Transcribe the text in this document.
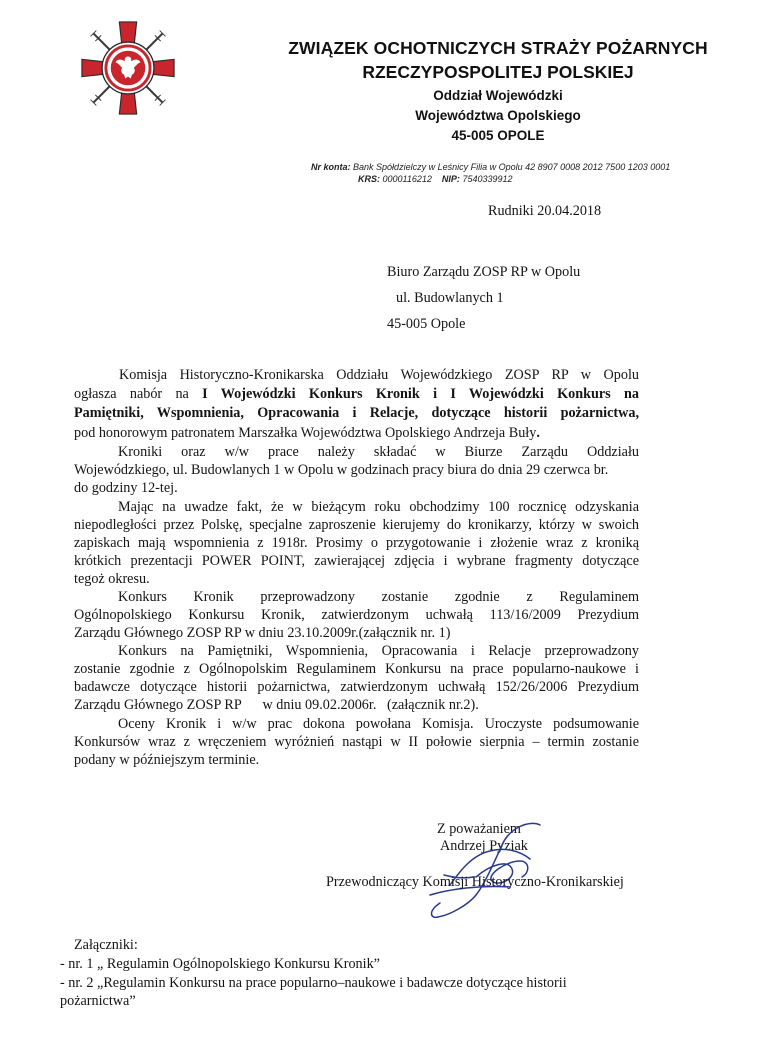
ZWIĄZEK OCHOTNICZYCH STRAŻY POŻARNYCH
RZECZYPOSPOLITEJ POLSKIEJ
Oddział Wojewódzki
Województwa Opolskiego
45-005 OPOLE
Nr konta: Bank Spółdzielczy w Leśnicy Filia w Opolu 42 8907 0008 2012 7500 1203 0001
KRS: 0000116212 NIP: 7540339912
Rudniki 20.04.2018
Biuro Zarządu ZOSP RP w Opolu
ul. Budowlanych 1
45-005 Opole
Komisja Historyczno-Kronikarska Oddziału Wojewódzkiego ZOSP RP w Opolu
ogłasza nabór na I Wojewódzki Konkurs Kronik i I Wojewódzki Konkurs na
Pamiętniki, Wspomnienia, Opracowania i Relacje, dotyczące historii pożarnictwa,
pod honorowym patronatem Marszałka Województwa Opolskiego Andrzeja Buły.
Kroniki oraz w/w prace należy składać w Biurze Zarządu Oddziału
Wojewódzkiego, ul. Budowlanych 1 w Opolu w godzinach pracy biura do dnia 29 czerwca br.
do godziny 12-tej.
Mając na uwadze fakt, że w bieżącym roku obchodzimy 100 rocznicę odzyskania
niepodległości przez Polskę, specjalne zaproszenie kierujemy do kronikarzy, którzy w swoich
zapiskach mają wspomnienia z 1918r. Prosimy o przygotowanie i złożenie wraz z kroniką
krótkich prezentacji POWER POINT, zawierającej zdjęcia i wybrane fragmenty dotyczące
tegoż okresu.
Konkurs Kronik przeprowadzony zostanie zgodnie z Regulaminem
Ogólnopolskiego Konkursu Kronik, zatwierdzonym uchwałą 113/16/2009 Prezydium
Zarządu Głównego ZOSP RP w dniu 23.10.2009r.(załącznik nr. 1)
Konkurs na Pamiętniki, Wspomnienia, Opracowania i Relacje przeprowadzony
zostanie zgodnie z Ogólnopolskim Regulaminem Konkursu na prace popularno-naukowe i
badawcze dotyczące historii pożarnictwa, zatwierdzonym uchwałą 152/26/2006 Prezydium
Zarządu Głównego ZOSP RP      w dniu 09.02.2006r.   (załącznik nr.2).
Oceny Kronik i w/w prac dokona powołana Komisja. Uroczyste podsumowanie
Konkursów wraz z wręczeniem wyróżnień nastąpi w II połowie sierpnia – termin zostanie
podany w późniejszym terminie.
Z poważaniem
Andrzej Pyziak
Przewodniczący Komisji Historyczno-Kronikarskiej
Załączniki:
- nr. 1 „ Regulamin Ogólnopolskiego Konkursu Kronik”
- nr. 2 „Regulamin Konkursu na prace popularno–naukowe i badawcze dotyczące historii
pożarnictwa”
